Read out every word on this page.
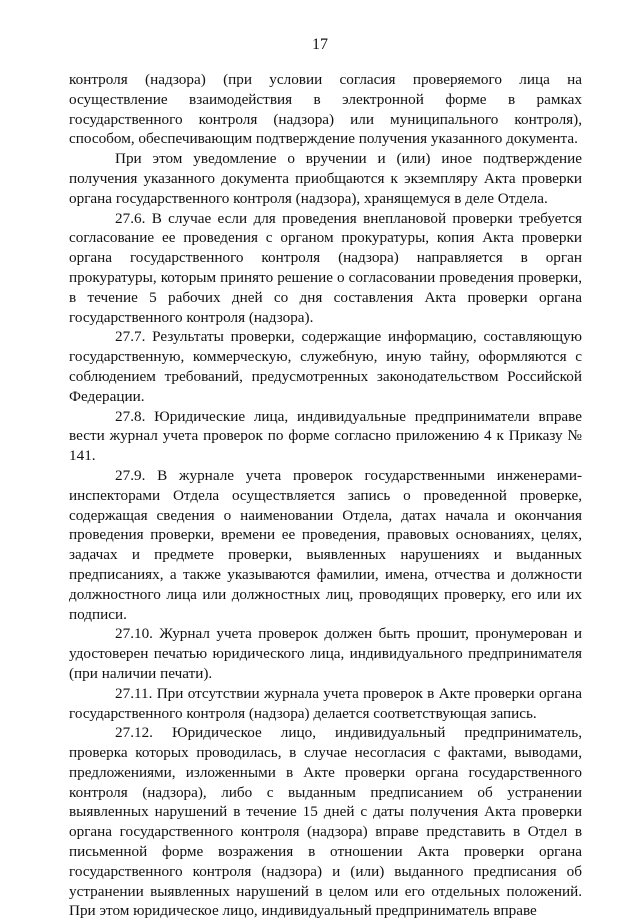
17

контроля (надзора) (при условии согласия проверяемого лица на осуществление взаимодействия в электронной форме в рамках государственного контроля (надзора) или муниципального контроля), способом, обеспечивающим подтверждение получения указанного документа.

При этом уведомление о вручении и (или) иное подтверждение получения указанного документа приобщаются к экземпляру Акта проверки органа государственного контроля (надзора), хранящемуся в деле Отдела.

27.6. В случае если для проведения внеплановой проверки требуется согласование ее проведения с органом прокуратуры, копия Акта проверки органа государственного контроля (надзора) направляется в орган прокуратуры, которым принято решение о согласовании проведения проверки, в течение 5 рабочих дней со дня составления Акта проверки органа государственного контроля (надзора).

27.7. Результаты проверки, содержащие информацию, составляющую государственную, коммерческую, служебную, иную тайну, оформляются с соблюдением требований, предусмотренных законодательством Российской Федерации.

27.8. Юридические лица, индивидуальные предприниматели вправе вести журнал учета проверок по форме согласно приложению 4 к Приказу № 141.

27.9. В журнале учета проверок государственными инженерами-инспекторами Отдела осуществляется запись о проведенной проверке, содержащая сведения о наименовании Отдела, датах начала и окончания проведения проверки, времени ее проведения, правовых основаниях, целях, задачах и предмете проверки, выявленных нарушениях и выданных предписаниях, а также указываются фамилии, имена, отчества и должности должностного лица или должностных лиц, проводящих проверку, его или их подписи.

27.10. Журнал учета проверок должен быть прошит, пронумерован и удостоверен печатью юридического лица, индивидуального предпринимателя (при наличии печати).

27.11. При отсутствии журнала учета проверок в Акте проверки органа государственного контроля (надзора) делается соответствующая запись.

27.12. Юридическое лицо, индивидуальный предприниматель, проверка которых проводилась, в случае несогласия с фактами, выводами, предложениями, изложенными в Акте проверки органа государственного контроля (надзора), либо с выданным предписанием об устранении выявленных нарушений в течение 15 дней с даты получения Акта проверки органа государственного контроля (надзора) вправе представить в Отдел в письменной форме возражения в отношении Акта проверки органа государственного контроля (надзора) и (или) выданного предписания об устранении выявленных нарушений в целом или его отдельных положений. При этом юридическое лицо, индивидуальный предприниматель вправе
